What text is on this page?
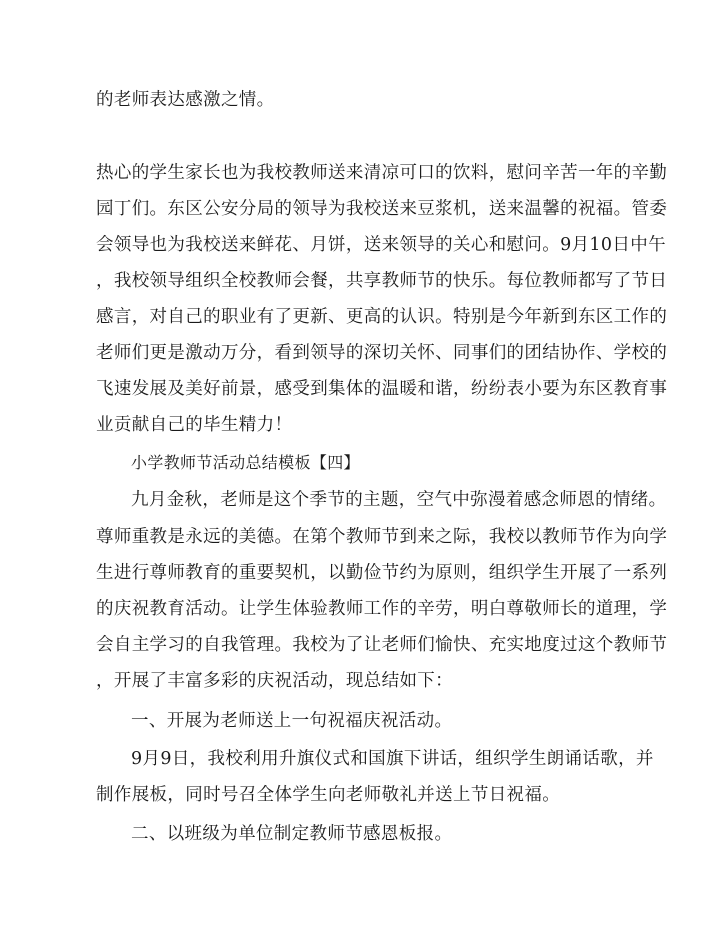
的老师表达感激之情。
热心的学生家长也为我校教师送来清凉可口的饮料，慰问辛苦一年的辛勤
园丁们。东区公安分局的领导为我校送来豆浆机，送来温馨的祝福。管委
会领导也为我校送来鲜花、月饼，送来领导的关心和慰问。9月10日中午
，我校领导组织全校教师会餐，共享教师节的快乐。每位教师都写了节日
感言，对自己的职业有了更新、更高的认识。特别是今年新到东区工作的
老师们更是激动万分，看到领导的深切关怀、同事们的团结协作、学校的
飞速发展及美好前景，感受到集体的温暖和谐，纷纷表小要为东区教育事
业贡献自己的毕生精力！
小学教师节活动总结模板【四】
九月金秋，老师是这个季节的主题，空气中弥漫着感念师恩的情绪。
尊师重教是永远的美德。在第个教师节到来之际，我校以教师节作为向学
生进行尊师教育的重要契机，以勤俭节约为原则，组织学生开展了一系列
的庆祝教育活动。让学生体验教师工作的辛劳，明白尊敬师长的道理，学
会自主学习的自我管理。我校为了让老师们愉快、充实地度过这个教师节
，开展了丰富多彩的庆祝活动，现总结如下：
一、开展为老师送上一句祝福庆祝活动。
9月9日，我校利用升旗仪式和国旗下讲话，组织学生朗诵话歌，并
制作展板，同时号召全体学生向老师敬礼并送上节日祝福。
二、以班级为单位制定教师节感恩板报。
